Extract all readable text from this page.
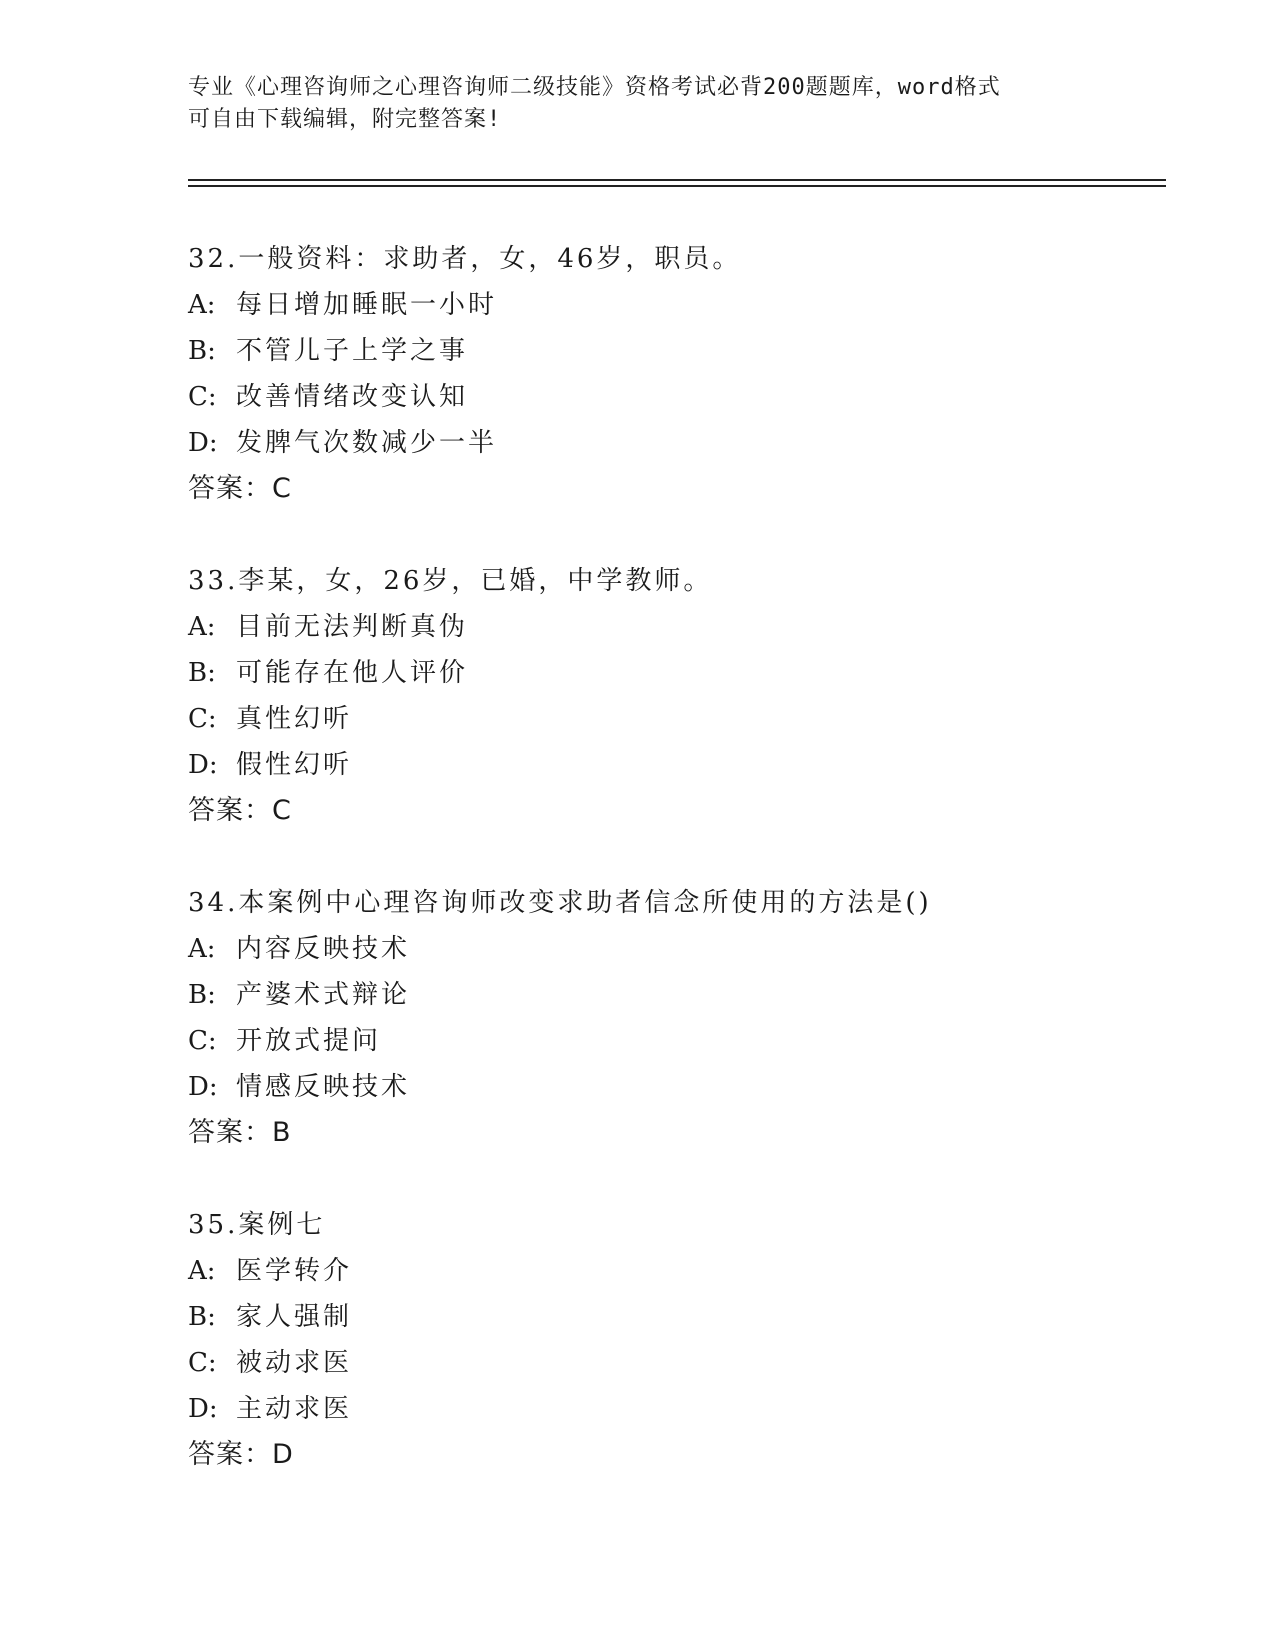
专业《心理咨询师之心理咨询师二级技能》资格考试必背200题题库，word格式
可自由下载编辑，附完整答案!
32.一般资料：求助者，女，46岁，职员。
A: 每日增加睡眠一小时
B: 不管儿子上学之事
C: 改善情绪改变认知
D: 发脾气次数减少一半
答案：C
33.李某，女，26岁，已婚，中学教师。
A: 目前无法判断真伪
B: 可能存在他人评价
C: 真性幻听
D: 假性幻听
答案：C
34.本案例中心理咨询师改变求助者信念所使用的方法是()
A: 内容反映技术
B: 产婆术式辩论
C: 开放式提问
D: 情感反映技术
答案：B
35.案例七
A: 医学转介
B: 家人强制
C: 被动求医
D: 主动求医
答案：D
